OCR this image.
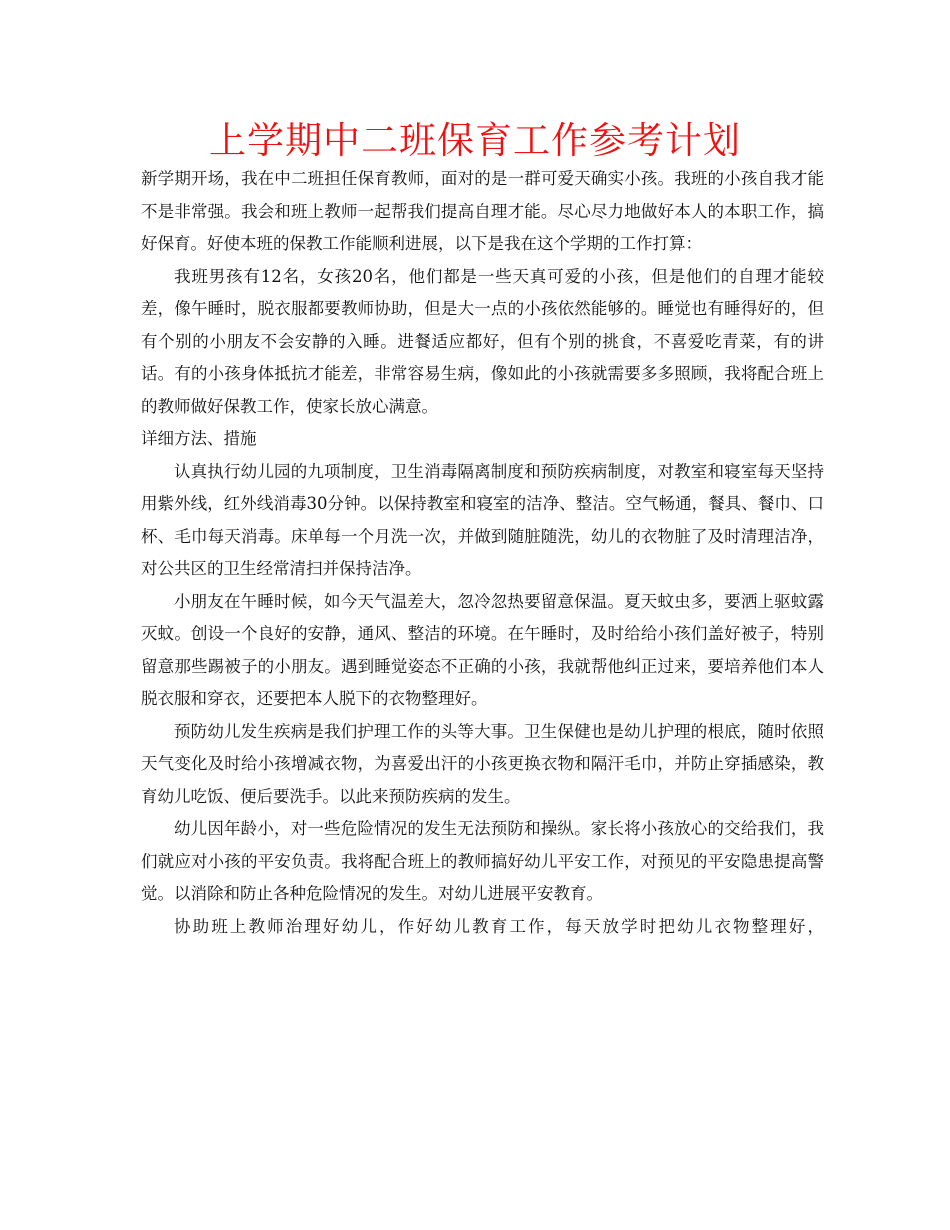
上学期中二班保育工作参考计划

新学期开场，我在中二班担任保育教师，面对的是一群可爱天确实小孩。我班的小孩自我才能不是非常强。我会和班上教师一起帮我们提高自理才能。尽心尽力地做好本人的本职工作，搞好保育。好使本班的保教工作能顺利进展，以下是我在这个学期的工作打算：

我班男孩有12名，女孩20名，他们都是一些天真可爱的小孩，但是他们的自理才能较差，像午睡时，脱衣服都要教师协助，但是大一点的小孩依然能够的。睡觉也有睡得好的，但有个别的小朋友不会安静的入睡。进餐适应都好，但有个别的挑食，不喜爱吃青菜，有的讲话。有的小孩身体抵抗才能差，非常容易生病，像如此的小孩就需要多多照顾，我将配合班上的教师做好保教工作，使家长放心满意。

详细方法、措施

认真执行幼儿园的九项制度，卫生消毒隔离制度和预防疾病制度，对教室和寝室每天坚持用紫外线，红外线消毒30分钟。以保持教室和寝室的洁净、整洁。空气畅通，餐具、餐巾、口杯、毛巾每天消毒。床单每一个月洗一次，并做到随脏随洗，幼儿的衣物脏了及时清理洁净，对公共区的卫生经常清扫并保持洁净。

小朋友在午睡时候，如今天气温差大，忽冷忽热要留意保温。夏天蚊虫多，要洒上驱蚊露灭蚊。创设一个良好的安静，通风、整洁的环境。在午睡时，及时给给小孩们盖好被子，特别留意那些踢被子的小朋友。遇到睡觉姿态不正确的小孩，我就帮他纠正过来，要培养他们本人脱衣服和穿衣，还要把本人脱下的衣物整理好。

预防幼儿发生疾病是我们护理工作的头等大事。卫生保健也是幼儿护理的根底，随时依照天气变化及时给小孩增减衣物，为喜爱出汗的小孩更换衣物和隔汗毛巾，并防止穿插感染，教育幼儿吃饭、便后要洗手。以此来预防疾病的发生。

幼儿因年龄小，对一些危险情况的发生无法预防和操纵。家长将小孩放心的交给我们，我们就应对小孩的平安负责。我将配合班上的教师搞好幼儿平安工作，对预见的平安隐患提高警觉。以消除和防止各种危险情况的发生。对幼儿进展平安教育。

协助班上教师治理好幼儿，作好幼儿教育工作，每天放学时把幼儿衣物整理好，
